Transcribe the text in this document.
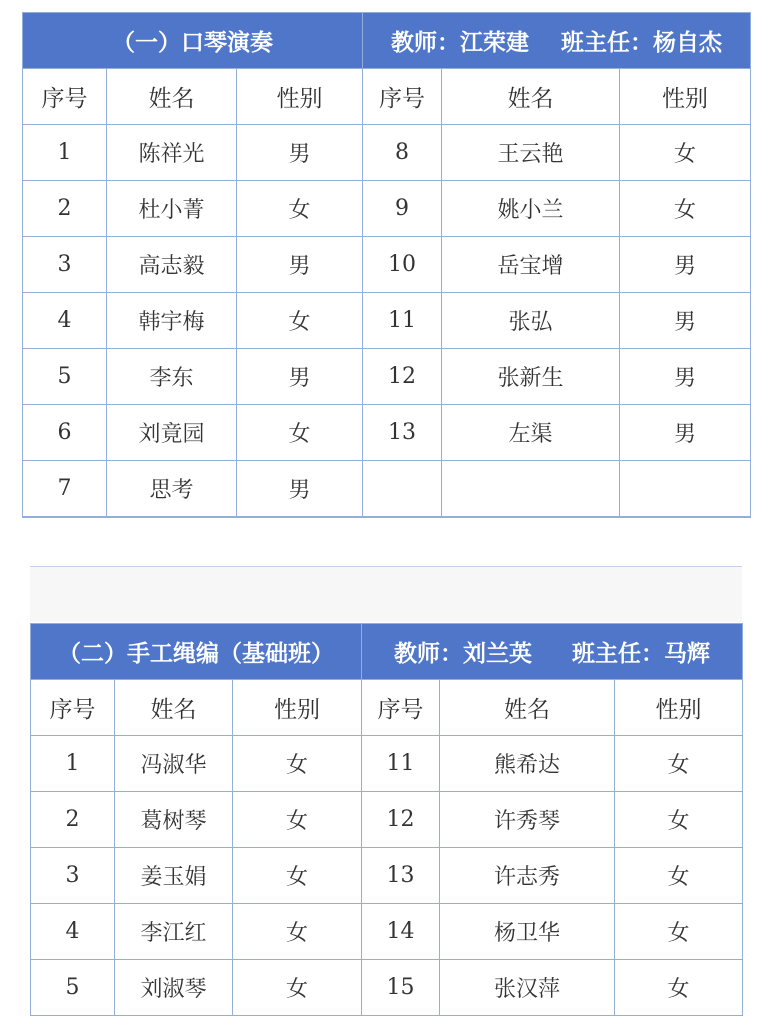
（一）口琴演奏			教师：江荣建    班主任：杨自杰		
序号	姓名	性别	序号	姓名	性别
1	陈祥光	男	8	王云艳	女
2	杜小菁	女	9	姚小兰	女
3	高志毅	男	10	岳宝增	男
4	韩宇梅	女	11	张弘	男
5	李东	男	12	张新生	男
6	刘竟园	女	13	左渠	男
7	思考	男			
（二）手工绳编（基础班）			教师：刘兰英     班主任：马辉		
序号	姓名	性别	序号	姓名	性别
1	冯淑华	女	11	熊希达	女
2	葛树琴	女	12	许秀琴	女
3	姜玉娟	女	13	许志秀	女
4	李江红	女	14	杨卫华	女
5	刘淑琴	女	15	张汉萍	女
